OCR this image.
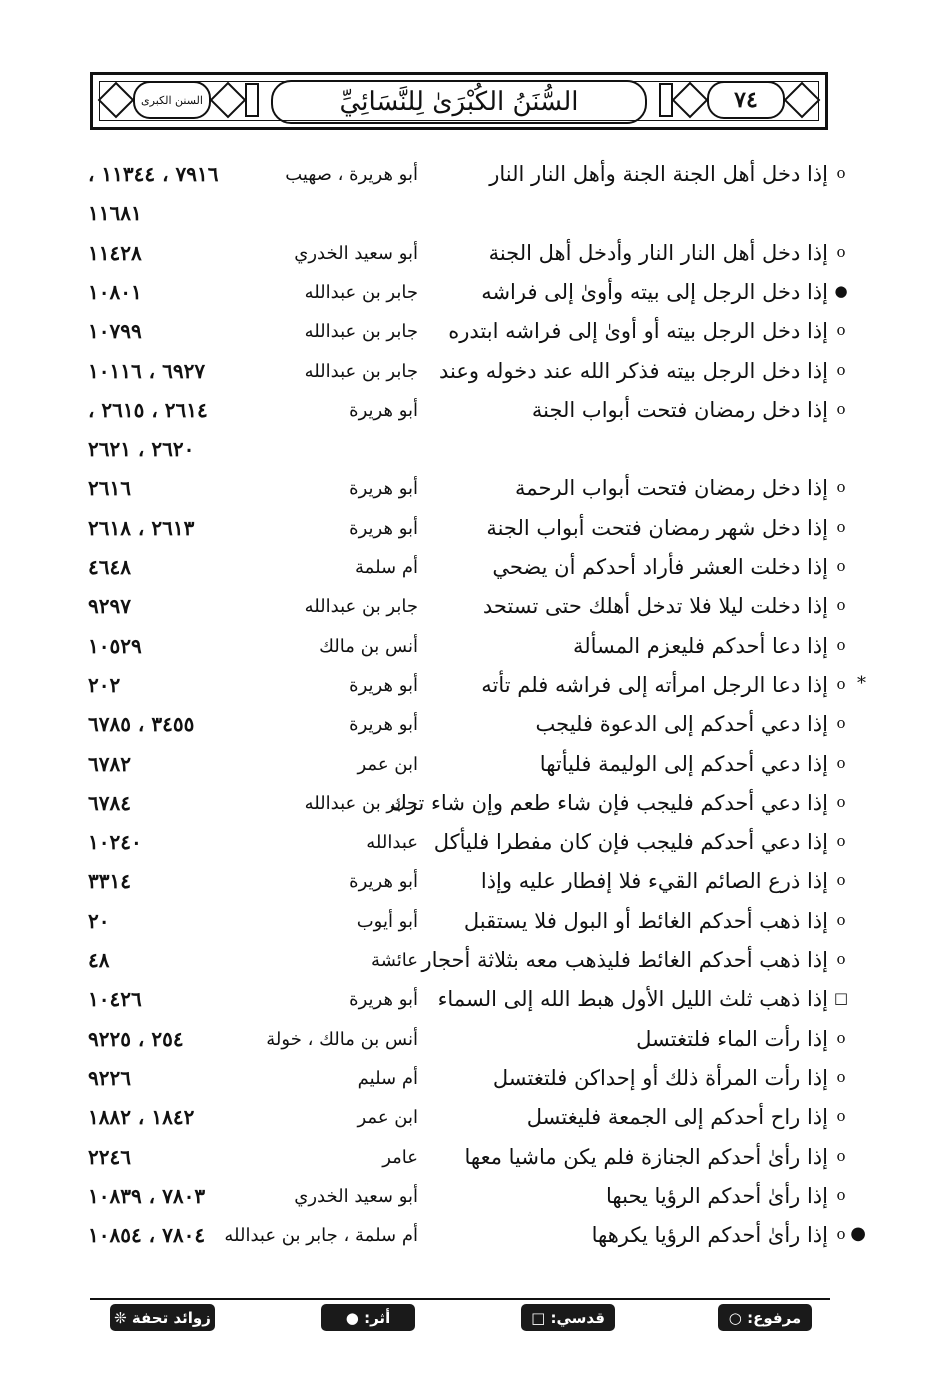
٧٤
السُّنَنُ الكُبْرَىٰ لِلنَّسَائِيِّ
السنن الكبرى
o
إذا دخل أهل الجنة الجنة وأهل النار النار
أبو هريرة ، صهيب
٧٩١٦ ، ١١٣٤٤ ،
١١٦٨١
o
إذا دخل أهل النار النار وأدخل أهل الجنة
أبو سعيد الخدري
١١٤٢٨
●
إذا دخل الرجل إلى بيته وأوىٰ إلى فراشه
جابر بن عبدالله
١٠٨٠١
o
إذا دخل الرجل بيته أو أوىٰ إلى فراشه ابتدره
جابر بن عبدالله
١٠٧٩٩
o
إذا دخل الرجل بيته فذكر الله عند دخوله وعند
جابر بن عبدالله
٦٩٢٧ ، ١٠١١٦
o
إذا دخل رمضان فتحت أبواب الجنة
أبو هريرة
٢٦١٤ ، ٢٦١٥ ،
٢٦٢٠ ، ٢٦٢١
o
إذا دخل رمضان فتحت أبواب الرحمة
أبو هريرة
٢٦١٦
o
إذا دخل شهر رمضان فتحت أبواب الجنة
أبو هريرة
٢٦١٣ ، ٢٦١٨
o
إذا دخلت العشر فأراد أحدكم أن يضحي
أم سلمة
٤٦٤٨
o
إذا دخلت ليلا فلا تدخل أهلك حتى تستحد
جابر بن عبدالله
٩٢٩٧
o
إذا دعا أحدكم فليعزم المسألة
أنس بن مالك
١٠٥٢٩
*
o
إذا دعا الرجل امرأته إلى فراشه فلم تأته
أبو هريرة
٢٠٢
o
إذا دعي أحدكم إلى الدعوة فليجب
أبو هريرة
٣٤٥٥ ، ٦٧٨٥
o
إذا دعي أحدكم إلى الوليمة فليأتها
ابن عمر
٦٧٨٢
o
إذا دعي أحدكم فليجب فإن شاء طعم وإن شاء ترك
جابر بن عبدالله
٦٧٨٤
o
إذا دعي أحدكم فليجب فإن كان مفطرا فليأكل
عبدالله
١٠٢٤٠
o
إذا ذرع الصائم القيء فلا إفطار عليه وإذا
أبو هريرة
٣٣١٤
o
إذا ذهب أحدكم الغائط أو البول فلا يستقبل
أبو أيوب
٢٠
o
إذا ذهب أحدكم الغائط فليذهب معه بثلاثة أحجار
عائشة
٤٨
□
إذا ذهب ثلث الليل الأول هبط الله إلى السماء
أبو هريرة
١٠٤٢٦
o
إذا رأت الماء فلتغتسل
أنس بن مالك ، خولة
٢٥٤ ، ٩٢٢٥
o
إذا رأت المرأة ذلك أو إحداكن فلتغتسل
أم سليم
٩٢٢٦
o
إذا راح أحدكم إلى الجمعة فليغتسل
ابن عمر
١٨٤٢ ، ١٨٨٢
o
إذا رأىٰ أحدكم الجنازة فلم يكن ماشيا معها
عامر
٢٢٤٦
o
إذا رأىٰ أحدكم الرؤيا يحبها
أبو سعيد الخدري
٧٨٠٣ ، ١٠٨٣٩
●
o
إذا رأىٰ أحدكم الرؤيا يكرهها
أم سلمة ، جابر بن عبدالله
٧٨٠٤ ، ١٠٨٥٤
مرفوع: ○
قدسي: □
أثر: ●
زوائد تحفة ❊
